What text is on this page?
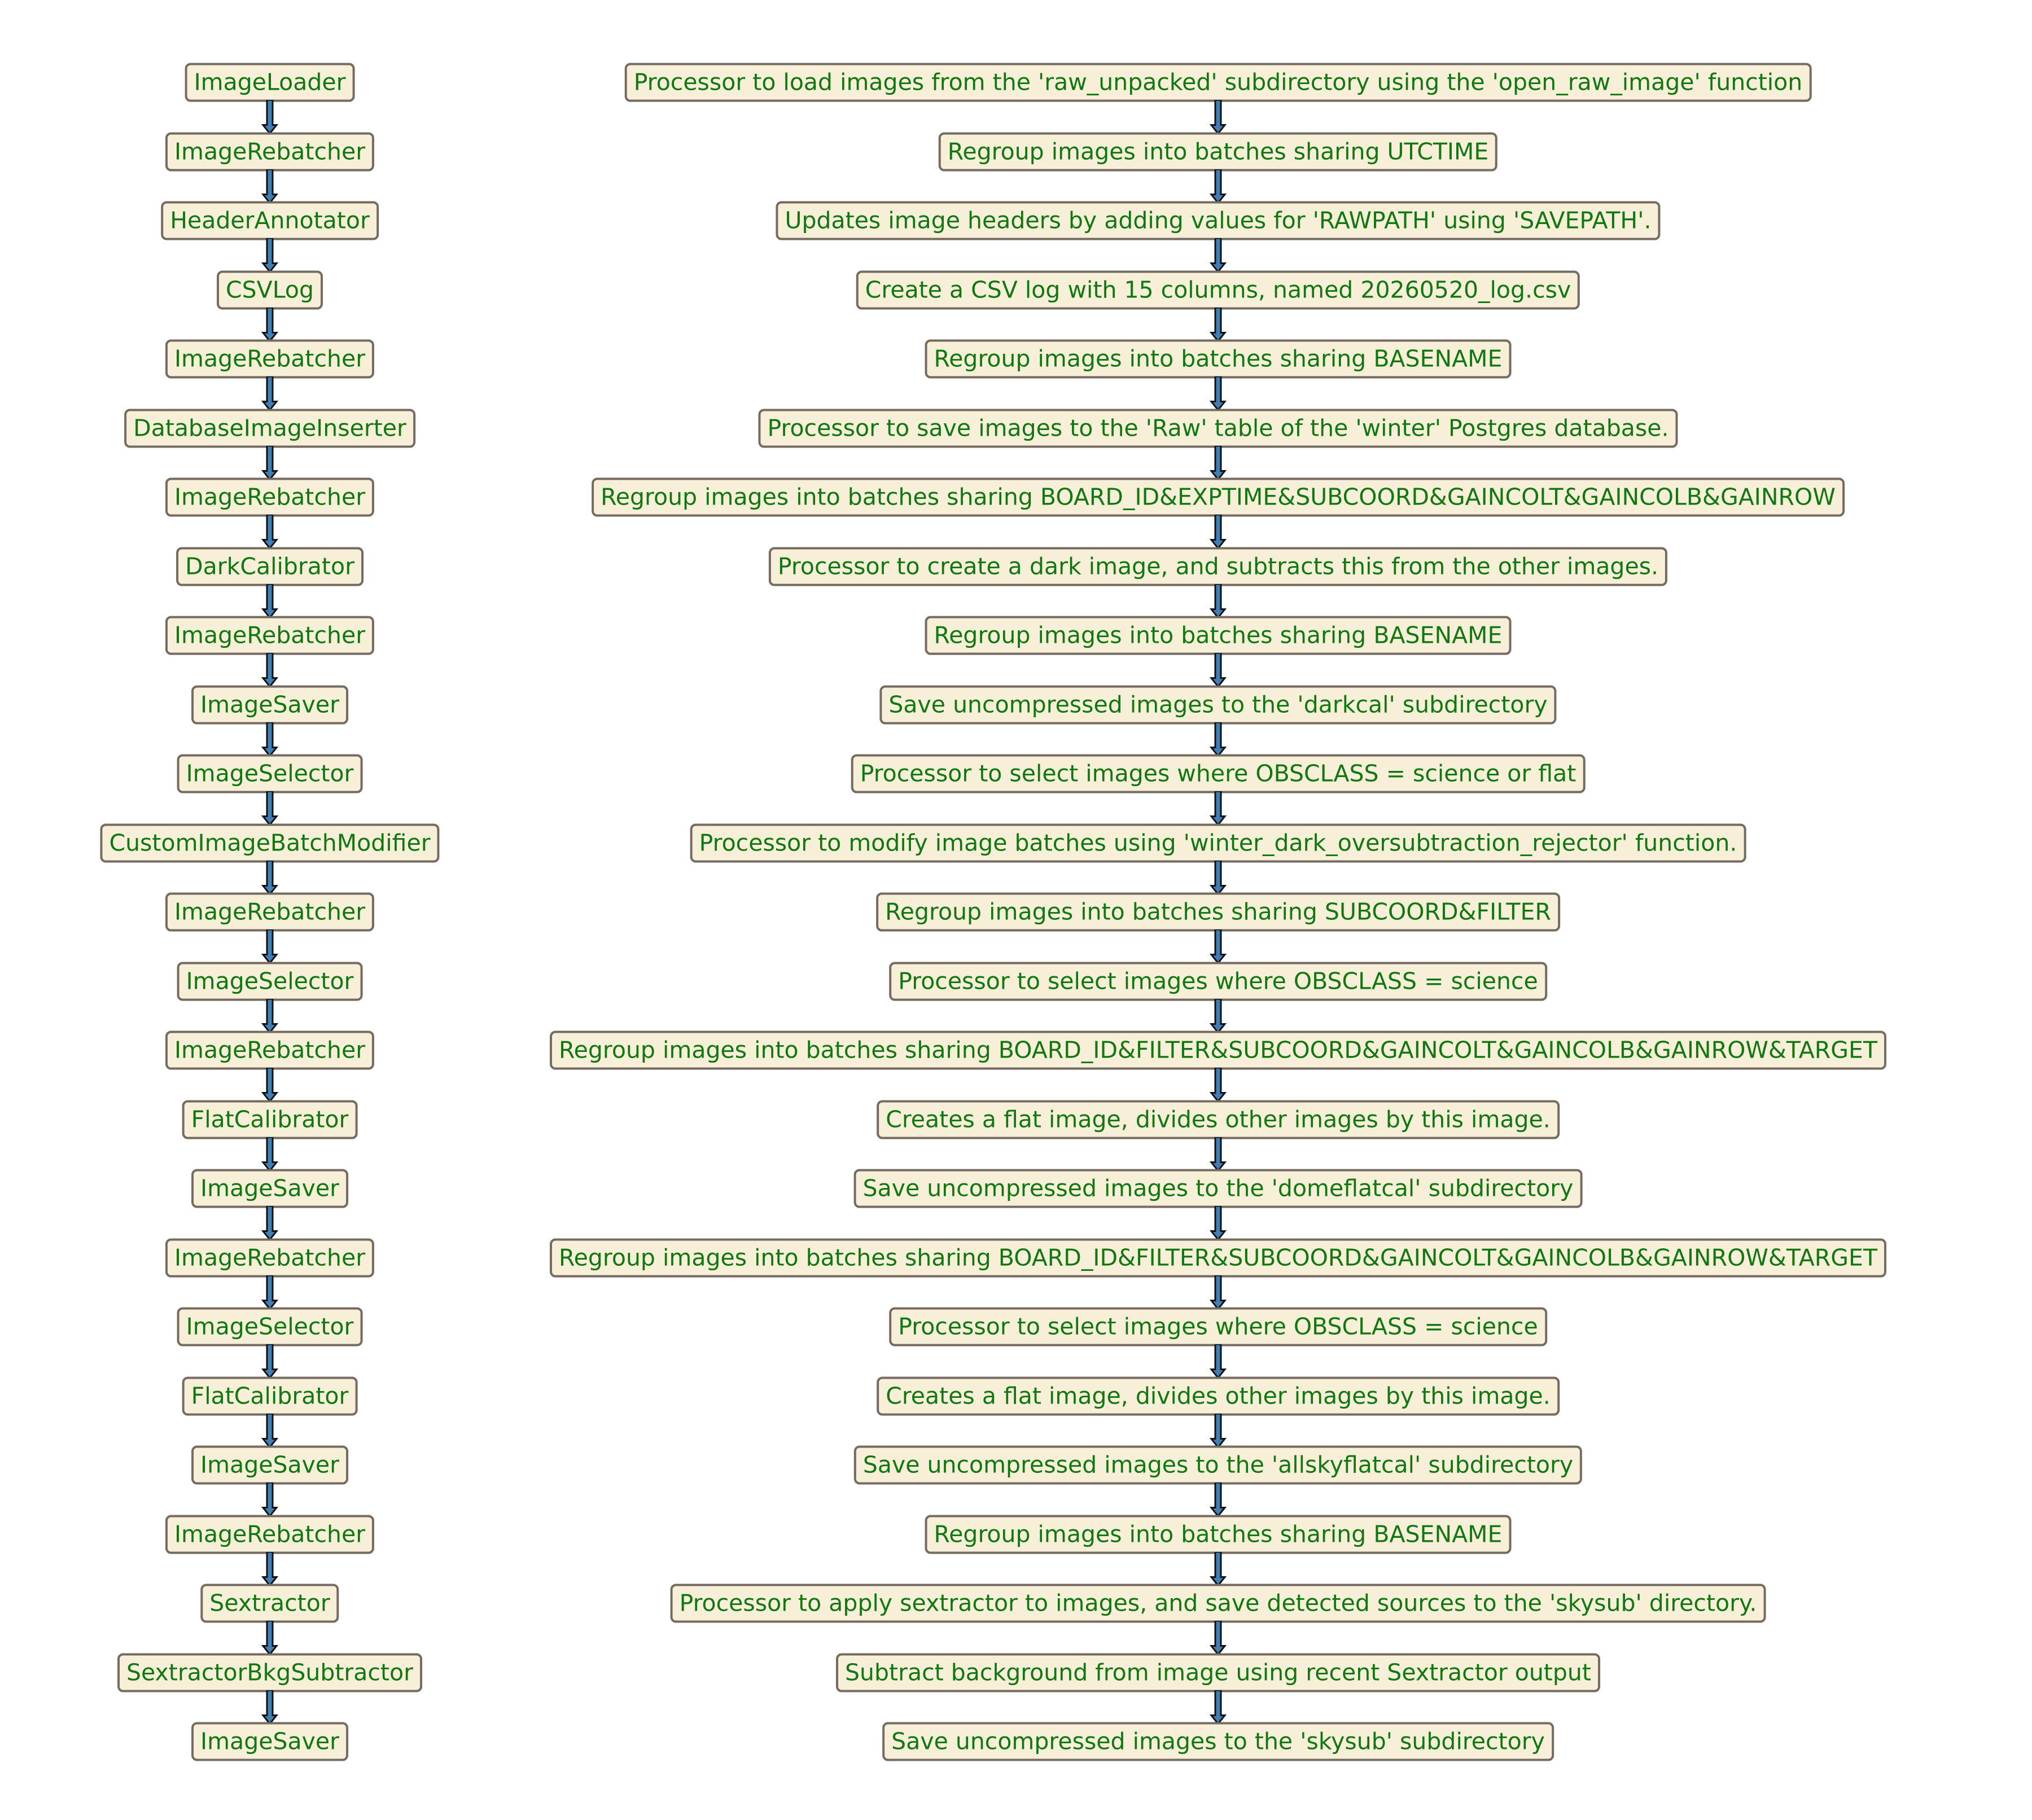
ImageLoader	Processor to load images from the 'raw_unpacked' subdirectory using the 'open_raw_image' function
ImageRebatcher	Regroup images into batches sharing UTCTIME
HeaderAnnotator	Updates image headers by adding values for 'RAWPATH' using 'SAVEPATH'.
CSVLog	Create a CSV log with 15 columns, named 20260520_log.csv
ImageRebatcher	Regroup images into batches sharing BASENAME
DatabaseImageInserter	Processor to save images to the 'Raw' table of the 'winter' Postgres database.
ImageRebatcher	Regroup images into batches sharing BOARD_ID&EXPTIME&SUBCOORD&GAINCOLT&GAINCOLB&GAINROW
DarkCalibrator	Processor to create a dark image, and subtracts this from the other images.
ImageRebatcher	Regroup images into batches sharing BASENAME
ImageSaver	Save uncompressed images to the 'darkcal' subdirectory
ImageSelector	Processor to select images where OBSCLASS = science or flat
CustomImageBatchModifier	Processor to modify image batches using 'winter_dark_oversubtraction_rejector' function.
ImageRebatcher	Regroup images into batches sharing SUBCOORD&FILTER
ImageSelector	Processor to select images where OBSCLASS = science
ImageRebatcher	Regroup images into batches sharing BOARD_ID&FILTER&SUBCOORD&GAINCOLT&GAINCOLB&GAINROW&TARGET
FlatCalibrator	Creates a flat image, divides other images by this image.
ImageSaver	Save uncompressed images to the 'domeflatcal' subdirectory
ImageRebatcher	Regroup images into batches sharing BOARD_ID&FILTER&SUBCOORD&GAINCOLT&GAINCOLB&GAINROW&TARGET
ImageSelector	Processor to select images where OBSCLASS = science
FlatCalibrator	Creates a flat image, divides other images by this image.
ImageSaver	Save uncompressed images to the 'allskyflatcal' subdirectory
ImageRebatcher	Regroup images into batches sharing BASENAME
Sextractor	Processor to apply sextractor to images, and save detected sources to the 'skysub' directory.
SextractorBkgSubtractor	Subtract background from image using recent Sextractor output
ImageSaver	Save uncompressed images to the 'skysub' subdirectory
